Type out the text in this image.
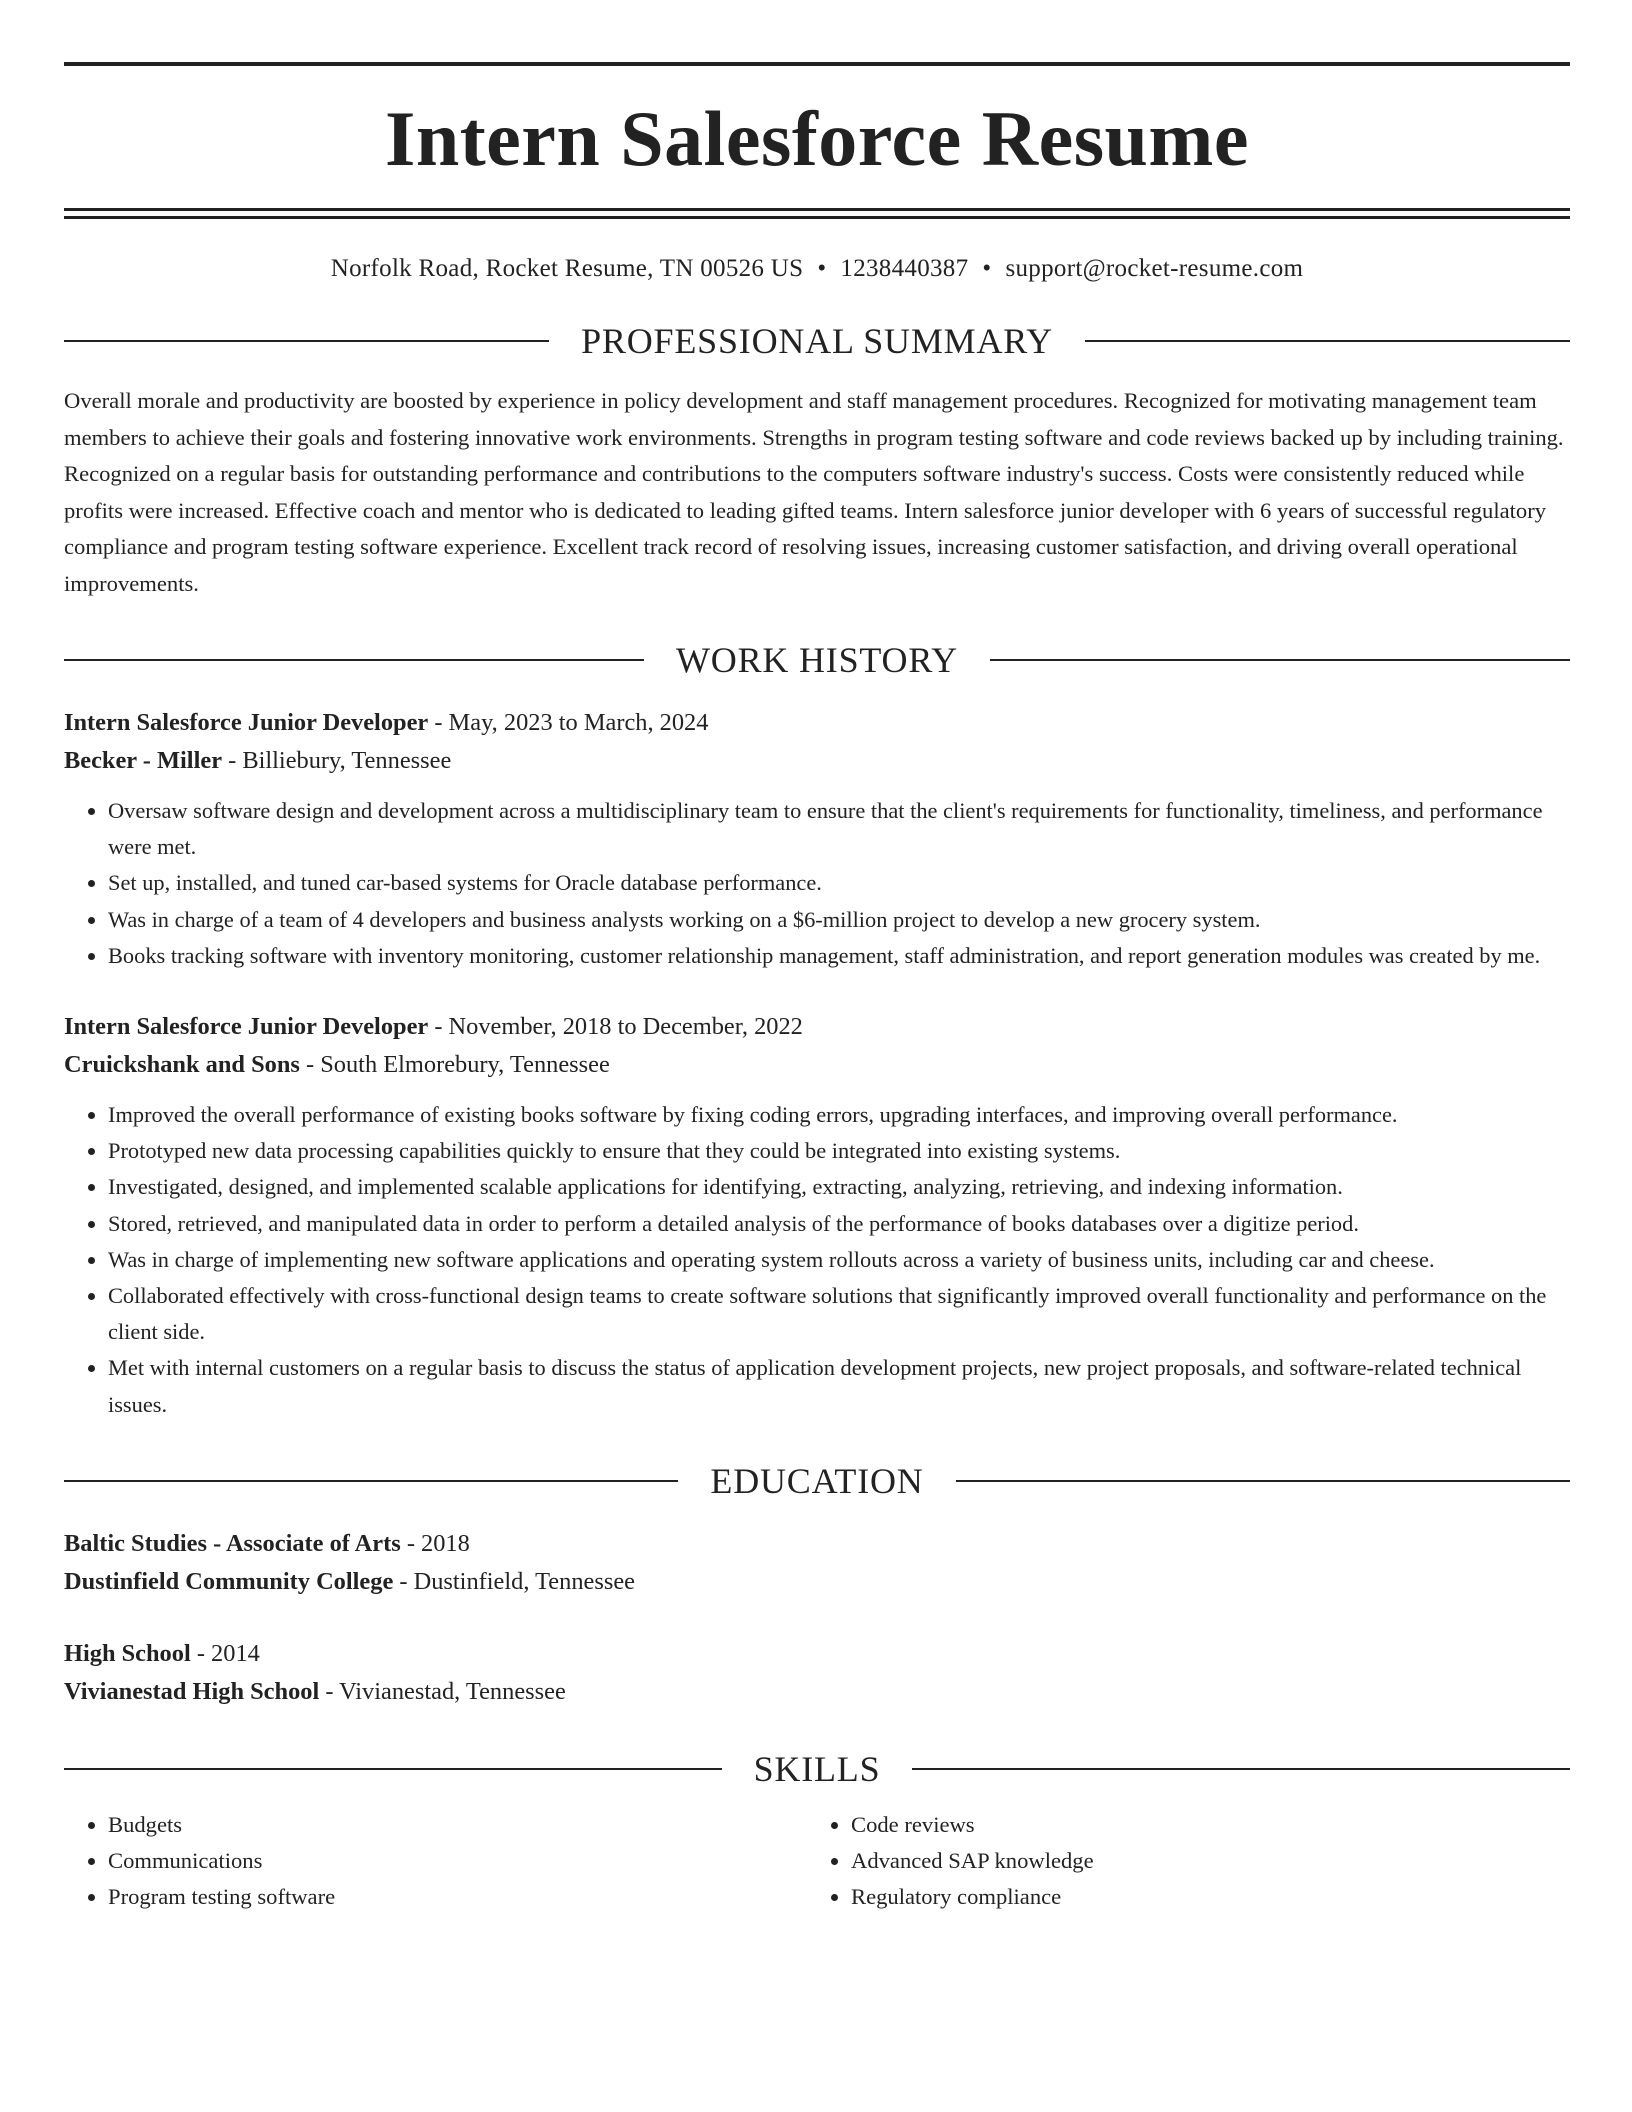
Intern Salesforce Resume
Norfolk Road, Rocket Resume, TN 00526 US • 1238440387 • support@rocket-resume.com
PROFESSIONAL SUMMARY

Overall morale and productivity are boosted by experience in policy development and staff management procedures. Recognized for motivating management team members to achieve their goals and fostering innovative work environments. Strengths in program testing software and code reviews backed up by including training. Recognized on a regular basis for outstanding performance and contributions to the computers software industry's success. Costs were consistently reduced while profits were increased. Effective coach and mentor who is dedicated to leading gifted teams. Intern salesforce junior developer with 6 years of successful regulatory compliance and program testing software experience. Excellent track record of resolving issues, increasing customer satisfaction, and driving overall operational improvements.

WORK HISTORY
Intern Salesforce Junior Developer - May, 2023 to March, 2024
Becker - Miller - Billiebury, Tennessee
• Oversaw software design and development across a multidisciplinary team to ensure that the client's requirements for functionality, timeliness, and performance were met.
• Set up, installed, and tuned car-based systems for Oracle database performance.
• Was in charge of a team of 4 developers and business analysts working on a $6-million project to develop a new grocery system.
• Books tracking software with inventory monitoring, customer relationship management, staff administration, and report generation modules was created by me.
Intern Salesforce Junior Developer - November, 2018 to December, 2022
Cruickshank and Sons - South Elmorebury, Tennessee
• Improved the overall performance of existing books software by fixing coding errors, upgrading interfaces, and improving overall performance.
• Prototyped new data processing capabilities quickly to ensure that they could be integrated into existing systems.
• Investigated, designed, and implemented scalable applications for identifying, extracting, analyzing, retrieving, and indexing information.
• Stored, retrieved, and manipulated data in order to perform a detailed analysis of the performance of books databases over a digitize period.
• Was in charge of implementing new software applications and operating system rollouts across a variety of business units, including car and cheese.
• Collaborated effectively with cross-functional design teams to create software solutions that significantly improved overall functionality and performance on the client side.
• Met with internal customers on a regular basis to discuss the status of application development projects, new project proposals, and software-related technical issues.
EDUCATION
Baltic Studies - Associate of Arts - 2018
Dustinfield Community College - Dustinfield, Tennessee
High School - 2014
Vivianestad High School - Vivianestad, Tennessee
SKILLS
• Budgets
• Communications
• Program testing software
• Code reviews
• Advanced SAP knowledge
• Regulatory compliance
